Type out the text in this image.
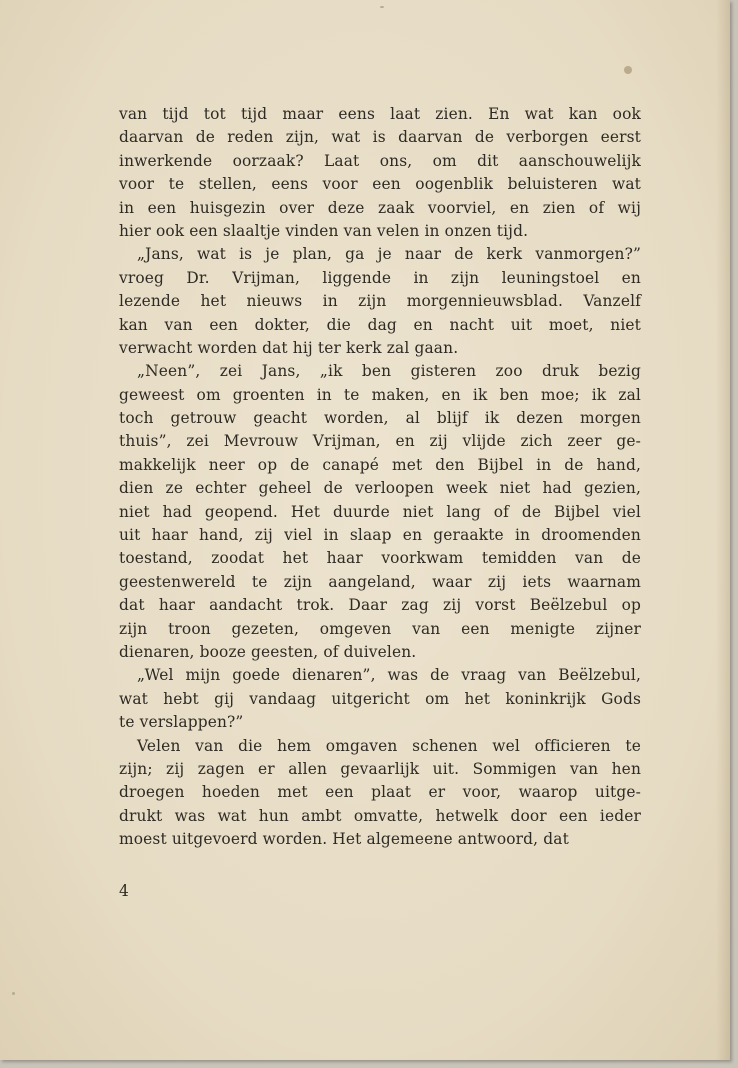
van tijd tot tijd maar eens laat zien. En wat kan ook
daarvan de reden zijn, wat is daarvan de verborgen eerst
inwerkende oorzaak? Laat ons, om dit aanschouwelijk
voor te stellen, eens voor een oogenblik beluisteren wat
in een huisgezin over deze zaak voorviel, en zien of wij
hier ook een slaaltje vinden van velen in onzen tijd.
„Jans, wat is je plan, ga je naar de kerk vanmorgen?”
vroeg Dr. Vrijman, liggende in zijn leuningstoel en
lezende het nieuws in zijn morgennieuwsblad. Vanzelf
kan van een dokter, die dag en nacht uit moet, niet
verwacht worden dat hij ter kerk zal gaan.
„Neen”, zei Jans, „ik ben gisteren zoo druk bezig
geweest om groenten in te maken, en ik ben moe; ik zal
toch getrouw geacht worden, al blijf ik dezen morgen
thuis”, zei Mevrouw Vrijman, en zij vlijde zich zeer ge-
makkelijk neer op de canapé met den Bijbel in de hand,
dien ze echter geheel de verloopen week niet had gezien,
niet had geopend. Het duurde niet lang of de Bijbel viel
uit haar hand, zij viel in slaap en geraakte in droomenden
toestand, zoodat het haar voorkwam temidden van de
geestenwereld te zijn aangeland, waar zij iets waarnam
dat haar aandacht trok. Daar zag zij vorst Beëlzebul op
zijn troon gezeten, omgeven van een menigte zijner
dienaren, booze geesten, of duivelen.
„Wel mijn goede dienaren”, was de vraag van Beëlzebul,
wat hebt gij vandaag uitgericht om het koninkrijk Gods
te verslappen?”
Velen van die hem omgaven schenen wel officieren te
zijn; zij zagen er allen gevaarlijk uit. Sommigen van hen
droegen hoeden met een plaat er voor, waarop uitge-
drukt was wat hun ambt omvatte, hetwelk door een ieder
moest uitgevoerd worden. Het algemeene antwoord, dat
4
